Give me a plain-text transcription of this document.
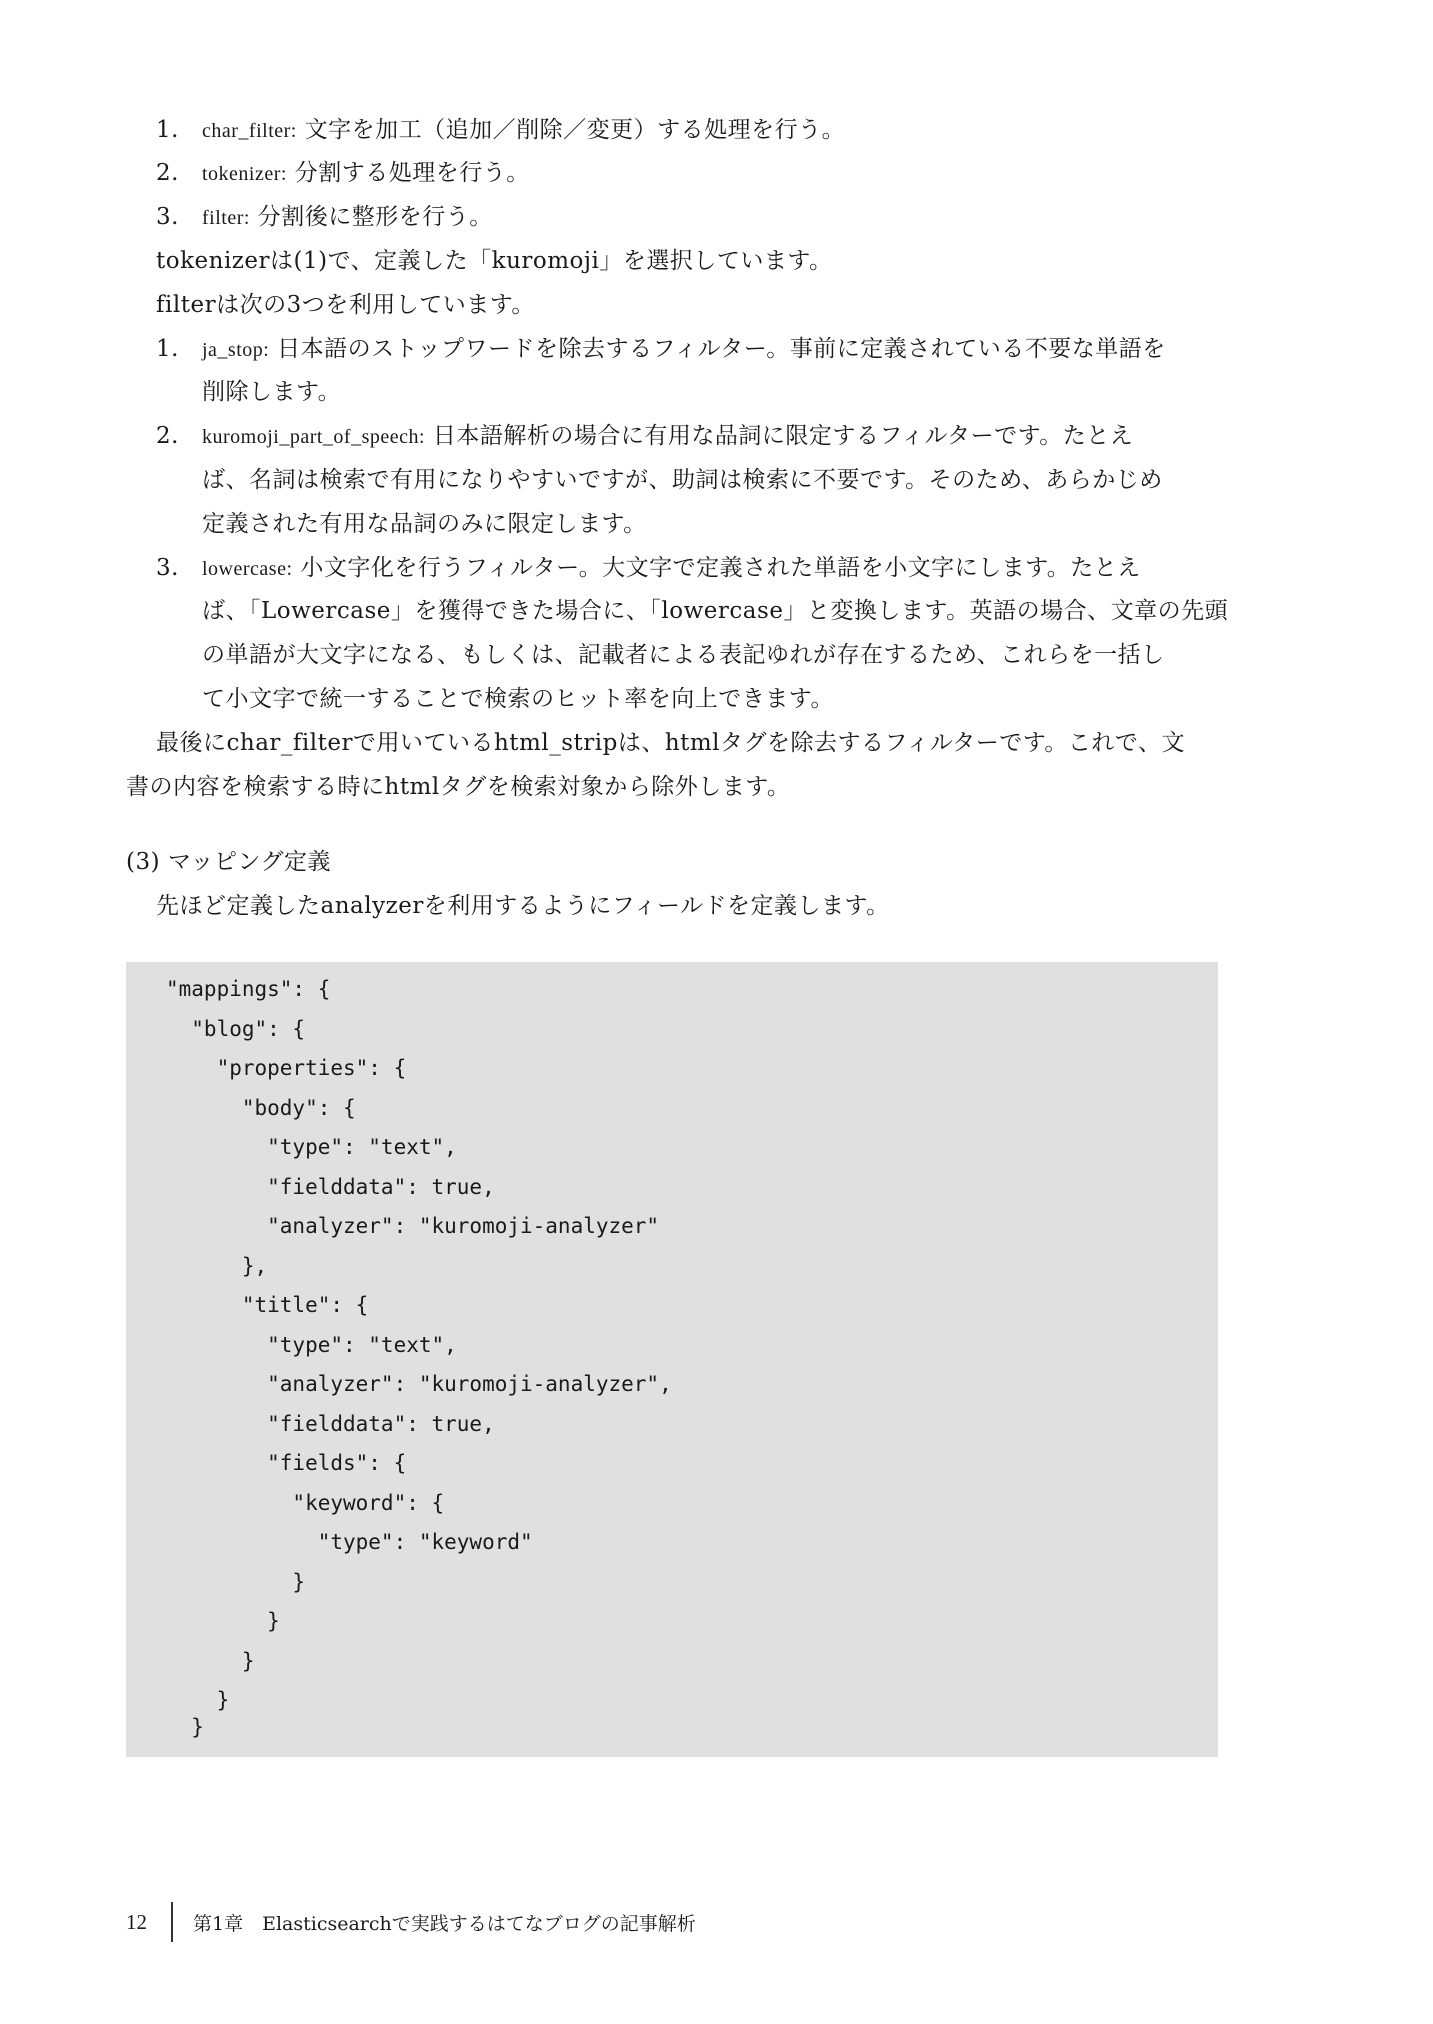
1. char_filter: 文字を加工（追加／削除／変更）する処理を行う。
2. tokenizer: 分割する処理を行う。
3. filter: 分割後に整形を行う。
tokenizerは(1)で、定義した「kuromoji」を選択しています。
filterは次の3つを利用しています。
1. ja_stop: 日本語のストップワードを除去するフィルター。事前に定義されている不要な単語を
削除します。
2. kuromoji_part_of_speech: 日本語解析の場合に有用な品詞に限定するフィルターです。たとえ
ば、名詞は検索で有用になりやすいですが、助詞は検索に不要です。そのため、あらかじめ
定義された有用な品詞のみに限定します。
3. lowercase: 小文字化を行うフィルター。大文字で定義された単語を小文字にします。たとえ
ば、「Lowercase」を獲得できた場合に、「lowercase」と変換します。英語の場合、文章の先頭
の単語が大文字になる、もしくは、記載者による表記ゆれが存在するため、これらを一括し
て小文字で統一することで検索のヒット率を向上できます。
最後にchar_filterで用いているhtml_stripは、htmlタグを除去するフィルターです。これで、文
書の内容を検索する時にhtmlタグを検索対象から除外します。
(3) マッピング定義
先ほど定義したanalyzerを利用するようにフィールドを定義します。
"mappings": {
"blog": {
"properties": {
"body": {
"type": "text",
"fielddata": true,
"analyzer": "kuromoji-analyzer"
},
"title": {
"type": "text",
"analyzer": "kuromoji-analyzer",
"fielddata": true,
"fields": {
"keyword": {
"type": "keyword"
}
}
}
}
}
12	第1章　Elasticsearchで実践するはてなブログの記事解析
